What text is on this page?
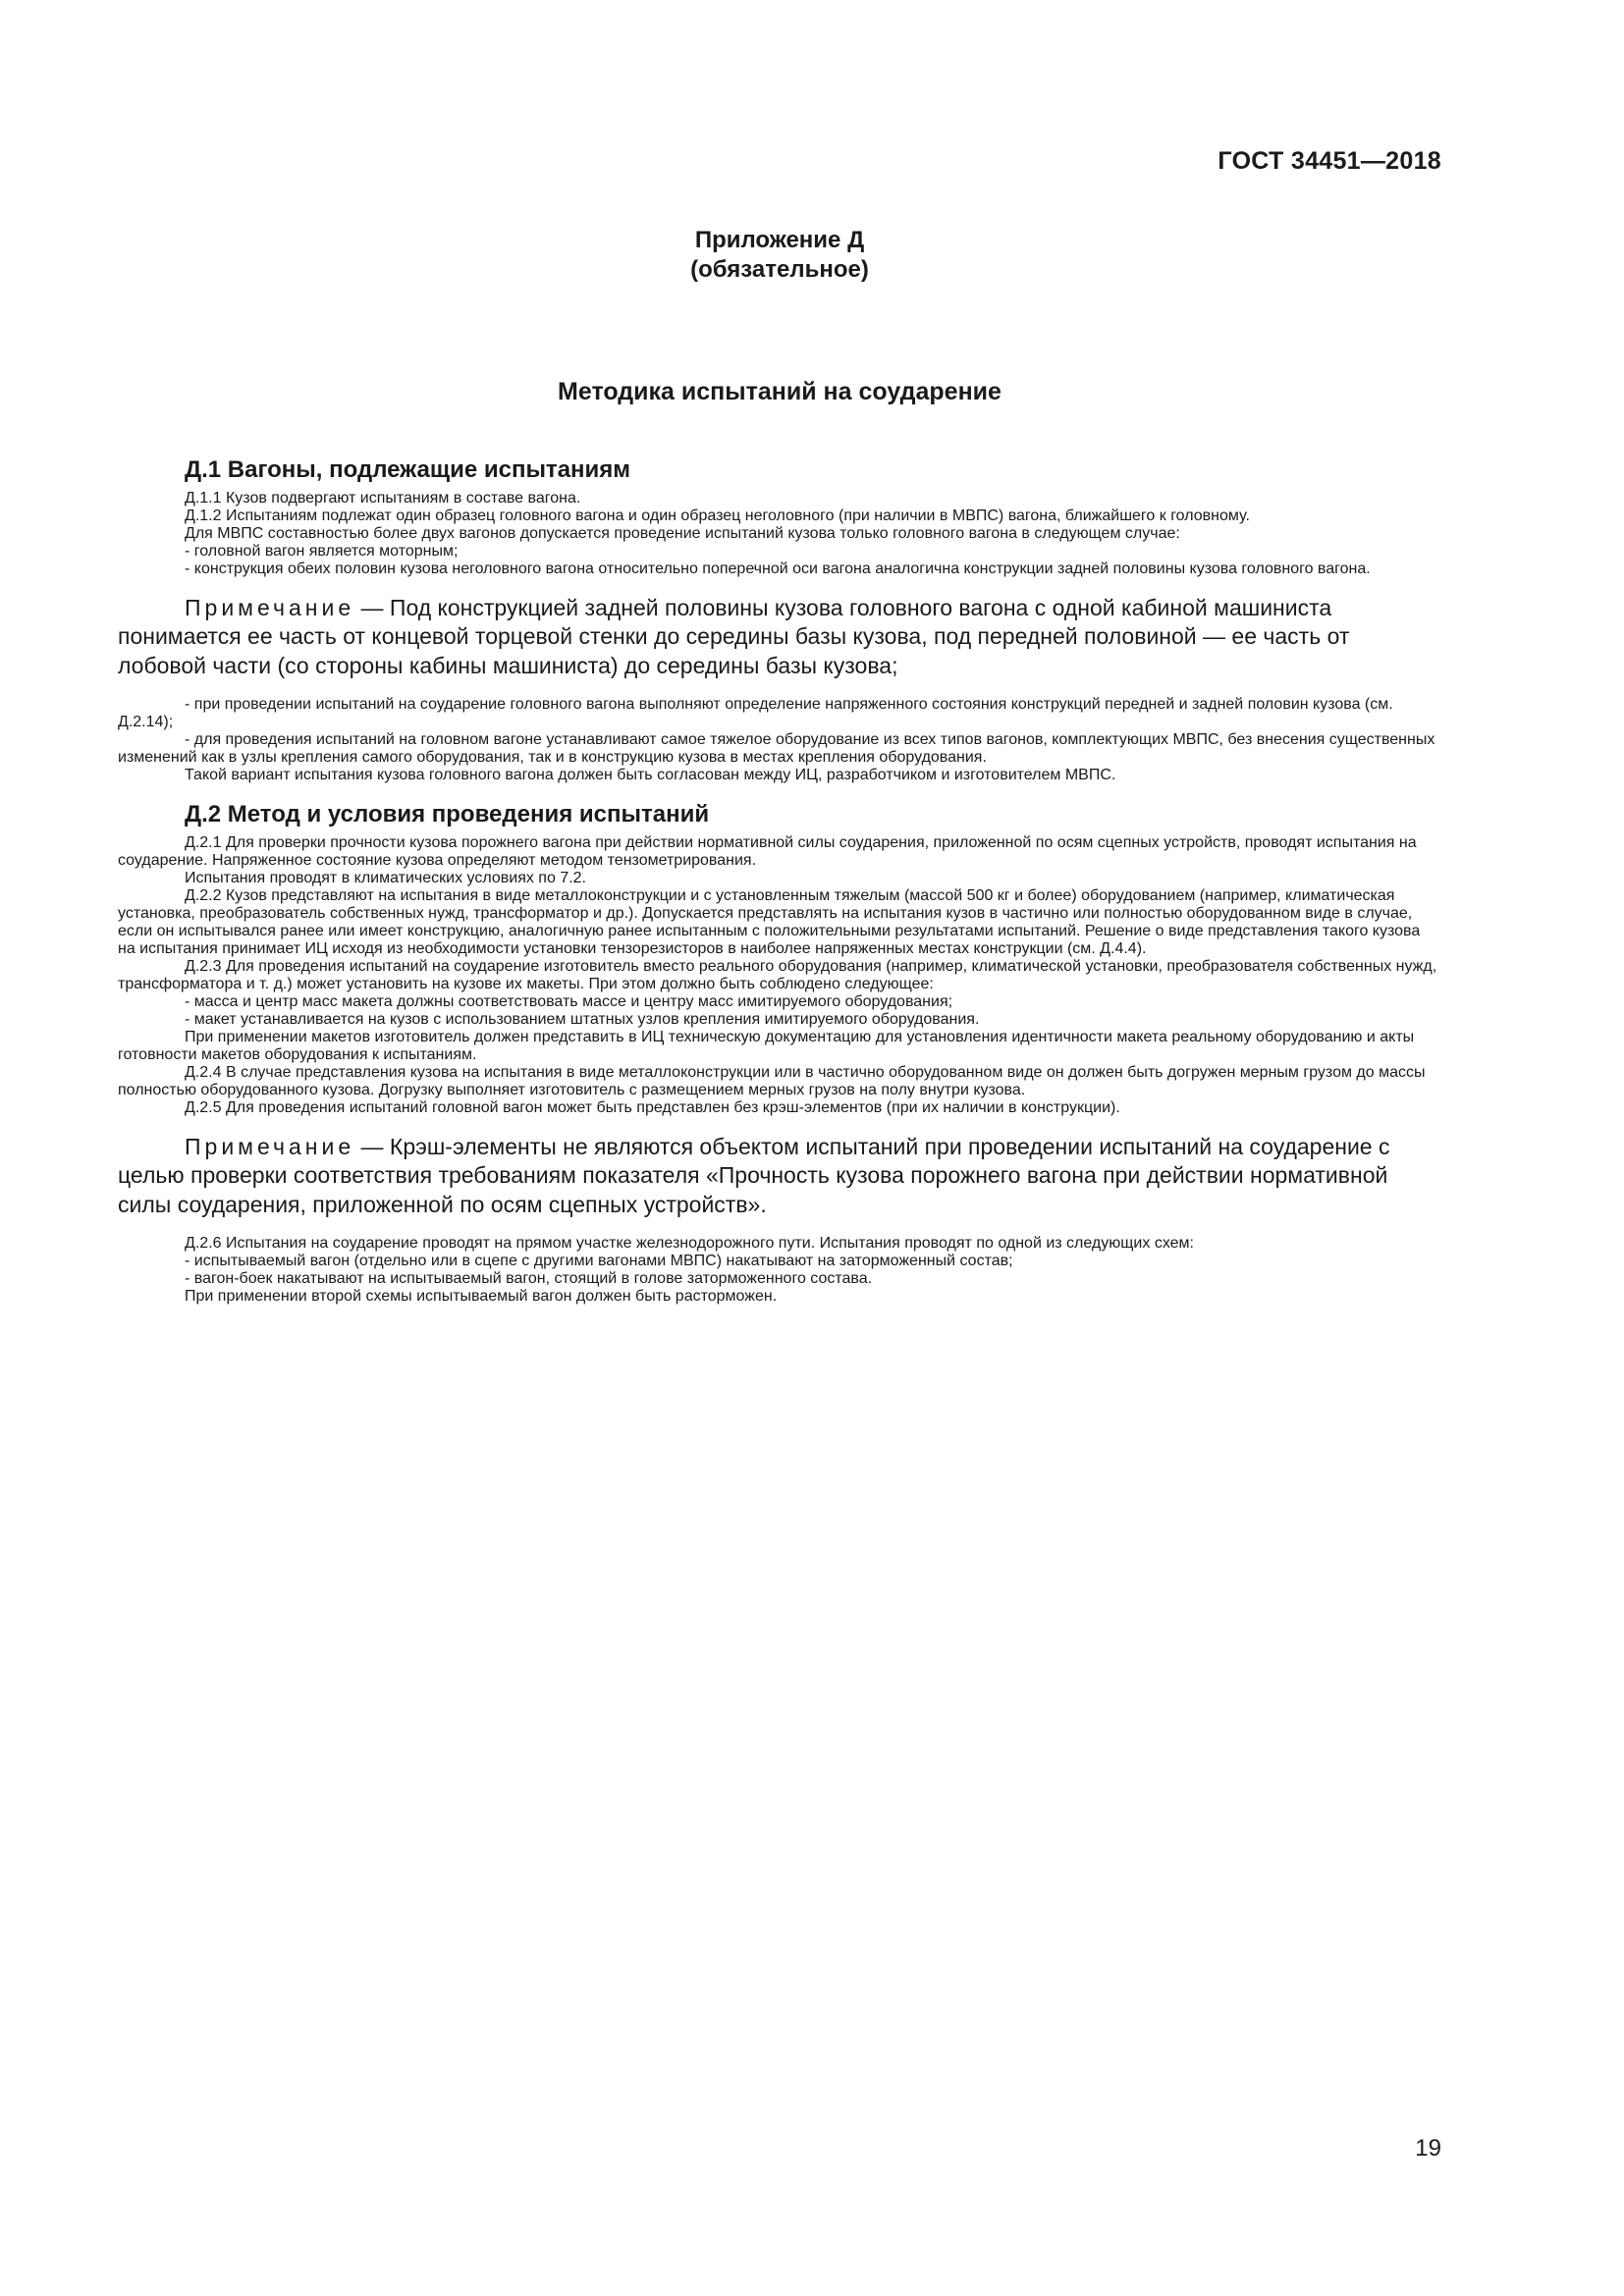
ГОСТ 34451—2018
Приложение Д
(обязательное)
Методика испытаний на соударение
Д.1 Вагоны, подлежащие испытаниям

Д.1.1 Кузов подвергают испытаниям в составе вагона.

Д.1.2 Испытаниям подлежат один образец головного вагона и один образец неголовного (при наличии в МВПС) вагона, ближайшего к головному.

Для МВПС составностью более двух вагонов допускается проведение испытаний кузова только головного вагона в следующем случае:

- головной вагон является моторным;

- конструкция обеих половин кузова неголовного вагона относительно поперечной оси вагона аналогична конструкции задней половины кузова головного вагона.

Примечание — Под конструкцией задней половины кузова головного вагона с одной кабиной машиниста понимается ее часть от концевой торцевой стенки до середины базы кузова, под передней половиной — ее часть от лобовой части (со стороны кабины машиниста) до середины базы кузова;

- при проведении испытаний на соударение головного вагона выполняют определение напряженного состояния конструкций передней и задней половин кузова (см. Д.2.14);

- для проведения испытаний на головном вагоне устанавливают самое тяжелое оборудование из всех типов вагонов, комплектующих МВПС, без внесения существенных изменений как в узлы крепления самого оборудования, так и в конструкцию кузова в местах крепления оборудования.

Такой вариант испытания кузова головного вагона должен быть согласован между ИЦ, разработчиком и изготовителем МВПС.

Д.2 Метод и условия проведения испытаний

Д.2.1 Для проверки прочности кузова порожнего вагона при действии нормативной силы соударения, приложенной по осям сцепных устройств, проводят испытания на соударение. Напряженное состояние кузова определяют методом тензометрирования.

Испытания проводят в климатических условиях по 7.2.

Д.2.2 Кузов представляют на испытания в виде металлоконструкции и с установленным тяжелым (массой 500 кг и более) оборудованием (например, климатическая установка, преобразователь собственных нужд, трансформатор и др.). Допускается представлять на испытания кузов в частично или полностью оборудованном виде в случае, если он испытывался ранее или имеет конструкцию, аналогичную ранее испытанным с положительными результатами испытаний. Решение о виде представления такого кузова на испытания принимает ИЦ исходя из необходимости установки тензорезисторов в наиболее напряженных местах конструкции (см. Д.4.4).

Д.2.3 Для проведения испытаний на соударение изготовитель вместо реального оборудования (например, климатической установки, преобразователя собственных нужд, трансформатора и т. д.) может установить на кузове их макеты. При этом должно быть соблюдено следующее:

- масса и центр масс макета должны соответствовать массе и центру масс имитируемого оборудования;

- макет устанавливается на кузов с использованием штатных узлов крепления имитируемого оборудования.

При применении макетов изготовитель должен представить в ИЦ техническую документацию для установления идентичности макета реальному оборудованию и акты готовности макетов оборудования к испытаниям.

Д.2.4 В случае представления кузова на испытания в виде металлоконструкции или в частично оборудованном виде он должен быть догружен мерным грузом до массы полностью оборудованного кузова. Догрузку выполняет изготовитель с размещением мерных грузов на полу внутри кузова.

Д.2.5 Для проведения испытаний головной вагон может быть представлен без крэш-элементов (при их наличии в конструкции).

Примечание — Крэш-элементы не являются объектом испытаний при проведении испытаний на соударение с целью проверки соответствия требованиям показателя «Прочность кузова порожнего вагона при действии нормативной силы соударения, приложенной по осям сцепных устройств».

Д.2.6 Испытания на соударение проводят на прямом участке железнодорожного пути. Испытания проводят по одной из следующих схем:

- испытываемый вагон (отдельно или в сцепе с другими вагонами МВПС) накатывают на заторможенный состав;

- вагон-боек накатывают на испытываемый вагон, стоящий в голове заторможенного состава.

При применении второй схемы испытываемый вагон должен быть расторможен.

19
